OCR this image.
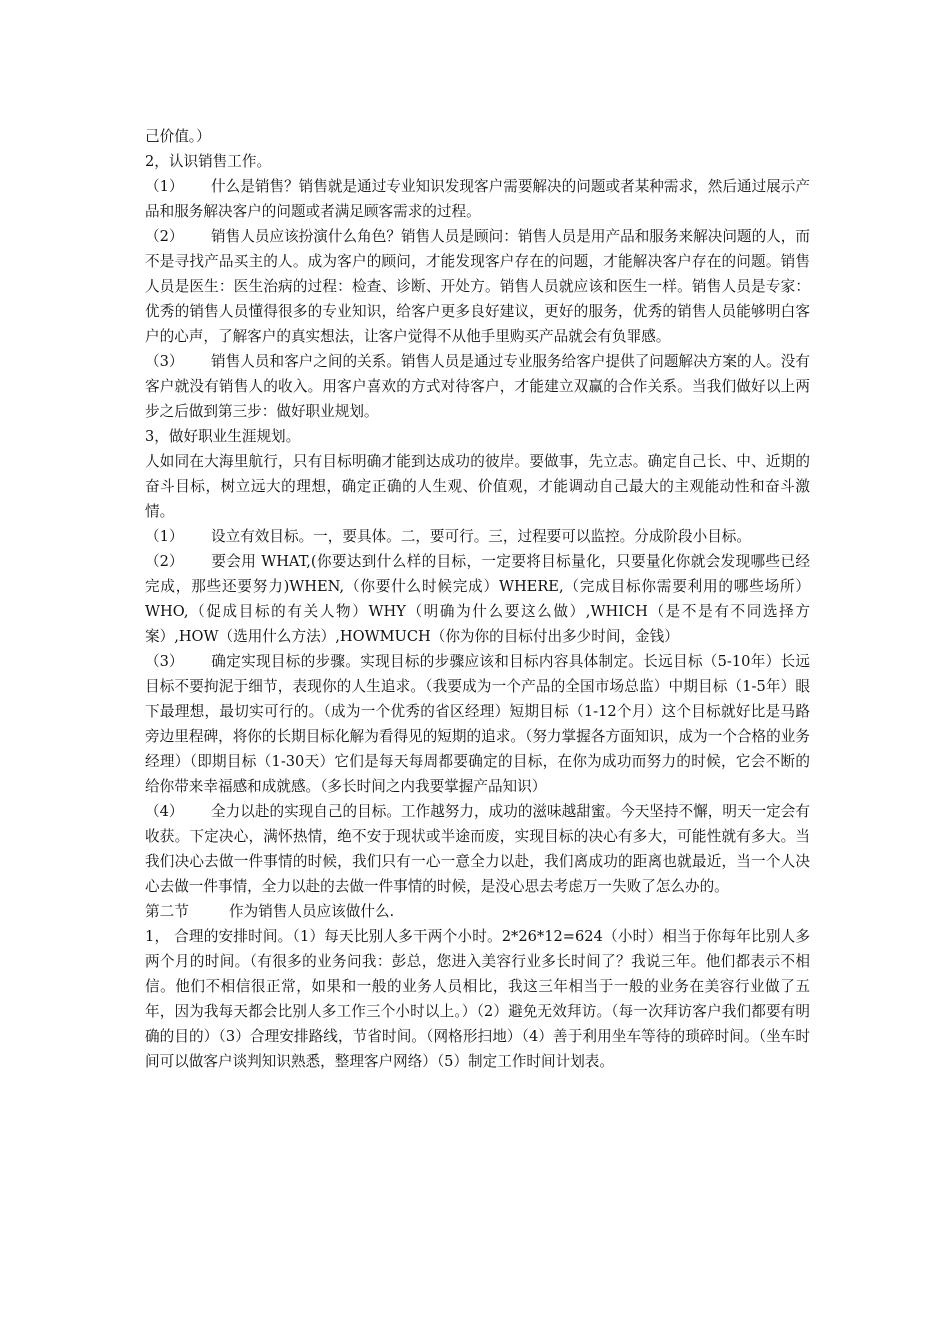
己价值。）

2，认识销售工作。

（1） 什么是销售？销售就是通过专业知识发现客户需要解决的问题或者某种需求，然后通过展示产品和服务解决客户的问题或者满足顾客需求的过程。

（2） 销售人员应该扮演什么角色？销售人员是顾问：销售人员是用产品和服务来解决问题的人，而不是寻找产品买主的人。成为客户的顾问，才能发现客户存在的问题，才能解决客户存在的问题。销售人员是医生：医生治病的过程：检查、诊断、开处方。销售人员就应该和医生一样。销售人员是专家：优秀的销售人员懂得很多的专业知识，给客户更多良好建议，更好的服务，优秀的销售人员能够明白客户的心声，了解客户的真实想法，让客户觉得不从他手里购买产品就会有负罪感。

（3） 销售人员和客户之间的关系。销售人员是通过专业服务给客户提供了问题解决方案的人。没有客户就没有销售人的收入。用客户喜欢的方式对待客户，才能建立双赢的合作关系。当我们做好以上两步之后做到第三步：做好职业规划。

3，做好职业生涯规划。

人如同在大海里航行，只有目标明确才能到达成功的彼岸。要做事，先立志。确定自己长、中、近期的奋斗目标，树立远大的理想，确定正确的人生观、价值观，才能调动自己最大的主观能动性和奋斗激情。

（1） 设立有效目标。一，要具体。二，要可行。三，过程要可以监控。分成阶段小目标。

（2） 要会用 WHAT,(你要达到什么样的目标，一定要将目标量化，只要量化你就会发现哪些已经完成，那些还要努力)WHEN,（你要什么时候完成）WHERE,（完成目标你需要利用的哪些场所）WHO,（促成目标的有关人物）WHY（明确为什么要这么做）,WHICH（是不是有不同选择方案）,HOW（选用什么方法）,HOWMUCH（你为你的目标付出多少时间，金钱）

（3） 确定实现目标的步骤。实现目标的步骤应该和目标内容具体制定。长远目标（5-10年）长远目标不要拘泥于细节，表现你的人生追求。（我要成为一个产品的全国市场总监）中期目标（1-5年）眼下最理想，最切实可行的。（成为一个优秀的省区经理）短期目标（1-12个月）这个目标就好比是马路旁边里程碑，将你的长期目标化解为看得见的短期的追求。（努力掌握各方面知识，成为一个合格的业务经理）（即期目标（1-30天）它们是每天每周都要确定的目标，在你为成功而努力的时候，它会不断的给你带来幸福感和成就感。（多长时间之内我要掌握产品知识）

（4） 全力以赴的实现自己的目标。工作越努力，成功的滋味越甜蜜。今天坚持不懈，明天一定会有收获。下定决心，满怀热情，绝不安于现状或半途而废，实现目标的决心有多大，可能性就有多大。当我们决心去做一件事情的时候，我们只有一心一意全力以赴，我们离成功的距离也就最近，当一个人决心去做一件事情，全力以赴的去做一件事情的时候，是没心思去考虑万一失败了怎么办的。

第二节	作为销售人员应该做什么.

1， 合理的安排时间。（1）每天比别人多干两个小时。2*26*12=624（小时）相当于你每年比别人多两个月的时间。（有很多的业务问我：彭总，您进入美容行业多长时间了？我说三年。他们都表示不相信。他们不相信很正常，如果和一般的业务人员相比，我这三年相当于一般的业务在美容行业做了五年，因为我每天都会比别人多工作三个小时以上。）（2）避免无效拜访。（每一次拜访客户我们都要有明确的目的）（3）合理安排路线，节省时间。（网格形扫地）（4）善于利用坐车等待的琐碎时间。（坐车时间可以做客户谈判知识熟悉，整理客户网络）（5）制定工作时间计划表。
